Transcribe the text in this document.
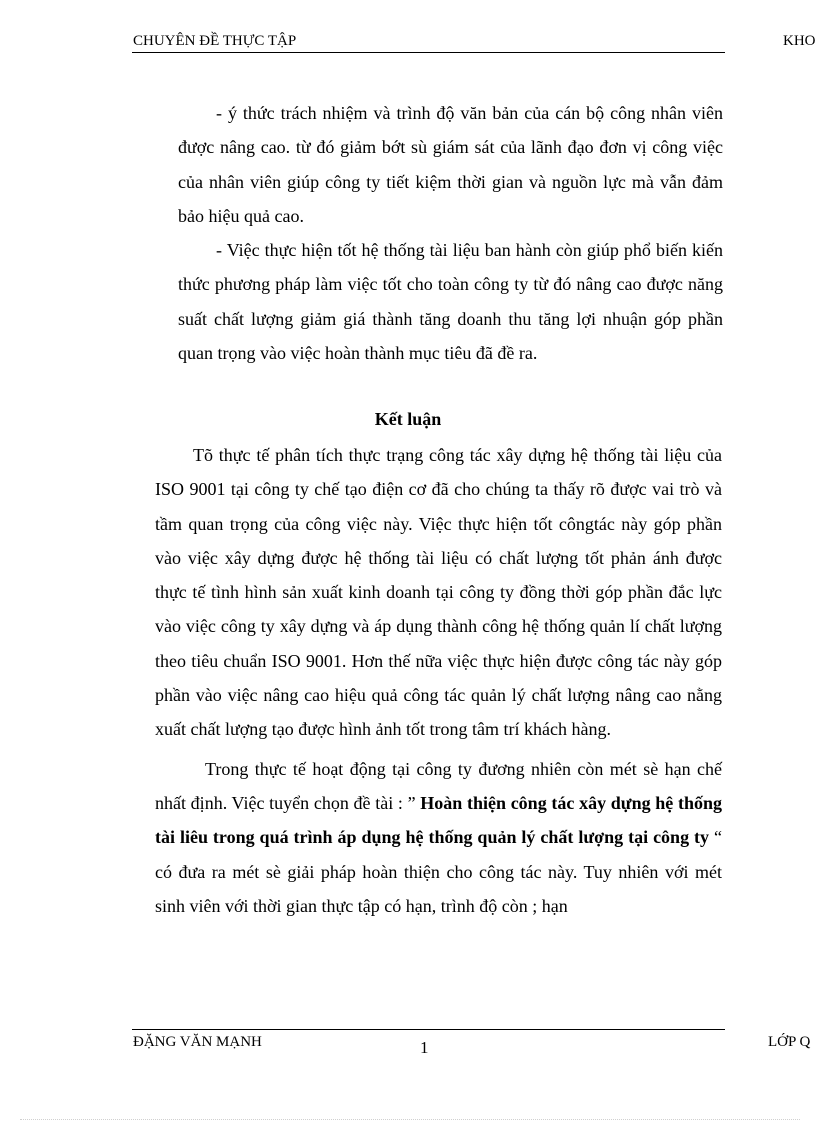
CHUYÊN ĐỀ THỰC TẬP	KHO

- ý thức trách nhiệm và trình độ văn bản của cán bộ công nhân viên được nâng cao. từ đó giảm bớt sù giám sát của lãnh đạo đơn vị công việc của nhân viên giúp công ty tiết kiệm thời gian và nguồn lực mà vẫn đảm bảo hiệu quả cao.

- Việc thực hiện tốt hệ thống tài liệu ban hành còn giúp phổ biến kiến thức phương pháp làm việc tốt cho toàn công ty từ đó nâng cao được năng suất chất lượng giảm giá thành tăng doanh thu tăng lợi nhuận góp phần quan trọng vào việc hoàn thành mục tiêu đã đề ra.

Kết luận

Tõ thực tế phân tích thực trạng công tác xây dựng hệ thống tài liệu của ISO 9001 tại công ty chế tạo điện cơ đã cho chúng ta thấy rõ được vai trò và tầm quan trọng của công việc này. Việc thực hiện tốt côngtác này góp phần vào việc xây dựng được hệ thống tài liệu có chất lượng tốt phản ánh được thực tế tình hình sản xuất kinh doanh tại công ty đồng thời góp phần đắc lực vào việc công ty xây dựng và áp dụng thành công hệ thống quản lí chất lượng theo tiêu chuẩn ISO 9001. Hơn thế nữa việc thực hiện được công tác này góp phần vào việc nâng cao hiệu quả công tác quản lý chất lượng nâng cao nằng xuất chất lượng tạo được hình ảnh tốt trong tâm trí khách hàng.

Trong thực tế hoạt động tại công ty đương nhiên còn mét sè hạn chế nhất định. Việc tuyển chọn đề tài : ” Hoàn thiện công tác xây dựng hệ thống tài liêu trong quá trình áp dụng hệ thống quản lý chất lượng tại công ty “ có đưa ra mét sè giải pháp hoàn thiện cho công tác này. Tuy nhiên với mét sinh viên với thời gian thực tập có hạn, trình độ còn ; hạn

ĐẶNG VĂN MẠNH	1	LỚP Q
